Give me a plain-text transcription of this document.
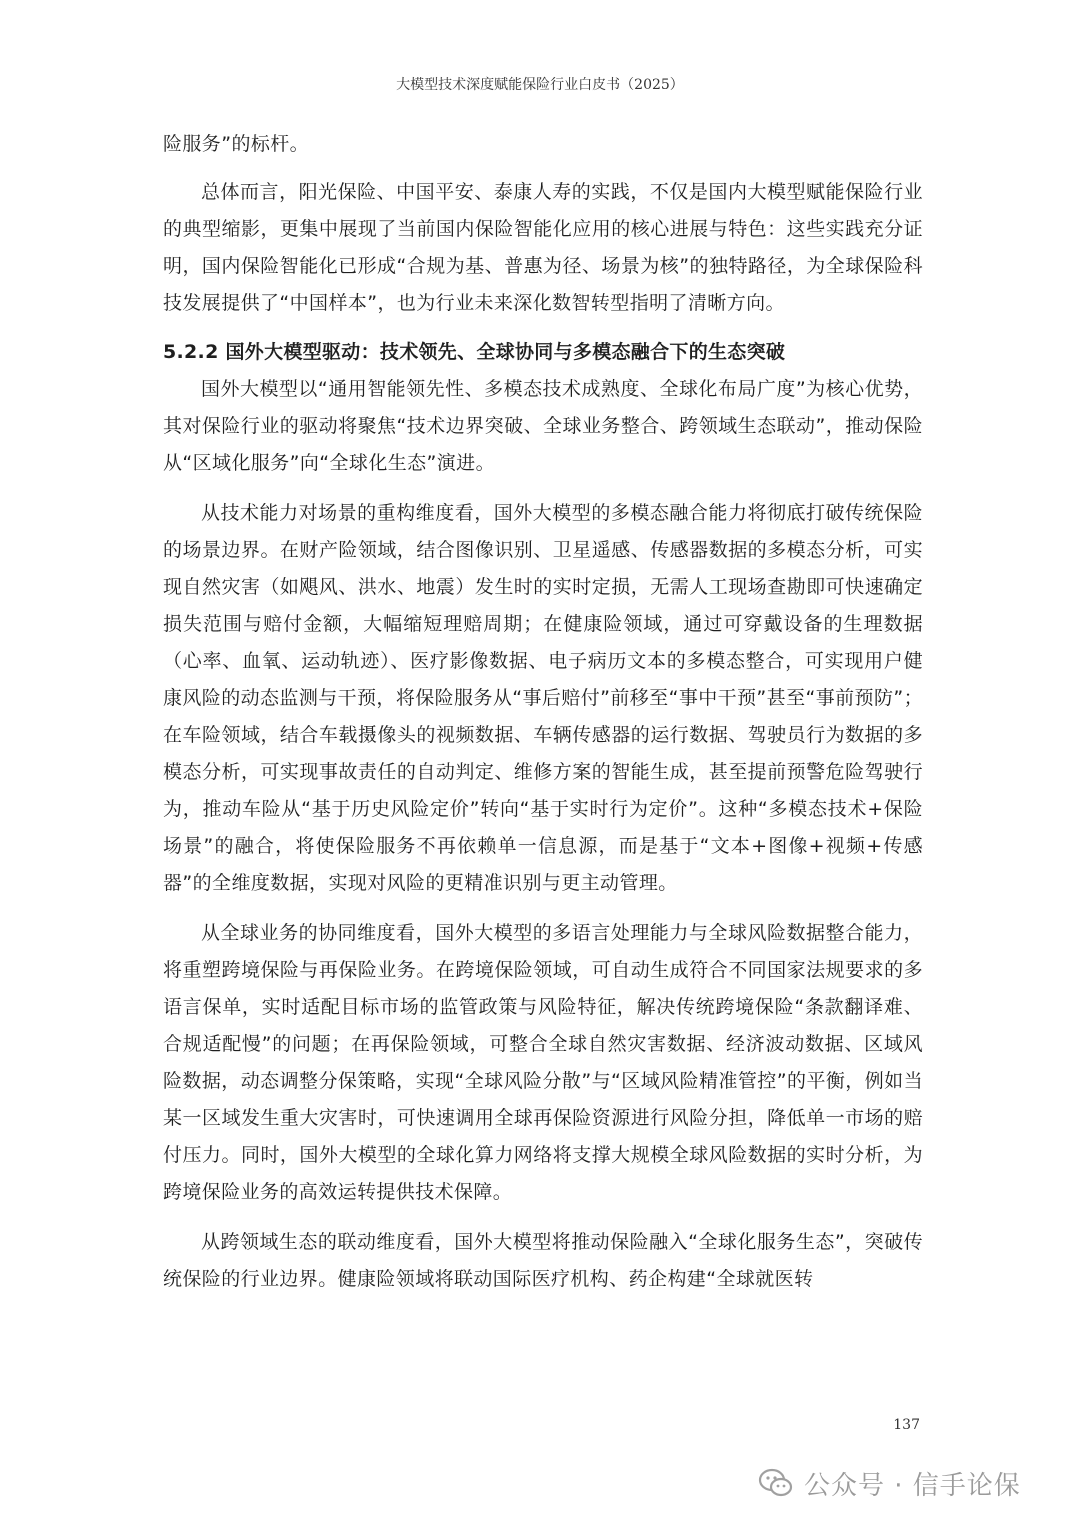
大模型技术深度赋能保险行业白皮书（2025）

险服务”的标杆。

总体而言，阳光保险、中国平安、泰康人寿的实践，不仅是国内大模型赋能保险行业的典型缩影，更集中展现了当前国内保险智能化应用的核心进展与特色：这些实践充分证明，国内保险智能化已形成“合规为基、普惠为径、场景为核”的独特路径，为全球保险科技发展提供了“中国样本”，也为行业未来深化数智转型指明了清晰方向。

5.2.2 国外大模型驱动：技术领先、全球协同与多模态融合下的生态突破

国外大模型以“通用智能领先性、多模态技术成熟度、全球化布局广度”为核心优势，其对保险行业的驱动将聚焦“技术边界突破、全球业务整合、跨领域生态联动”，推动保险从“区域化服务”向“全球化生态”演进。

从技术能力对场景的重构维度看，国外大模型的多模态融合能力将彻底打破传统保险的场景边界。在财产险领域，结合图像识别、卫星遥感、传感器数据的多模态分析，可实现自然灾害（如飓风、洪水、地震）发生时的实时定损，无需人工现场查勘即可快速确定损失范围与赔付金额，大幅缩短理赔周期；在健康险领域，通过可穿戴设备的生理数据（心率、血氧、运动轨迹）、医疗影像数据、电子病历文本的多模态整合，可实现用户健康风险的动态监测与干预，将保险服务从“事后赔付”前移至“事中干预”甚至“事前预防”；在车险领域，结合车载摄像头的视频数据、车辆传感器的运行数据、驾驶员行为数据的多模态分析，可实现事故责任的自动判定、维修方案的智能生成，甚至提前预警危险驾驶行为，推动车险从“基于历史风险定价”转向“基于实时行为定价”。这种“多模态技术+保险场景”的融合，将使保险服务不再依赖单一信息源，而是基于“文本+图像+视频+传感器”的全维度数据，实现对风险的更精准识别与更主动管理。

从全球业务的协同维度看，国外大模型的多语言处理能力与全球风险数据整合能力，将重塑跨境保险与再保险业务。在跨境保险领域，可自动生成符合不同国家法规要求的多语言保单，实时适配目标市场的监管政策与风险特征，解决传统跨境保险“条款翻译难、合规适配慢”的问题；在再保险领域，可整合全球自然灾害数据、经济波动数据、区域风险数据，动态调整分保策略，实现“全球风险分散”与“区域风险精准管控”的平衡，例如当某一区域发生重大灾害时，可快速调用全球再保险资源进行风险分担，降低单一市场的赔付压力。同时，国外大模型的全球化算力网络将支撑大规模全球风险数据的实时分析，为跨境保险业务的高效运转提供技术保障。

从跨领域生态的联动维度看，国外大模型将推动保险融入“全球化服务生态”，突破传统保险的行业边界。健康险领域将联动国际医疗机构、药企构建“全球就医转

137
公众号 · 信手论保
